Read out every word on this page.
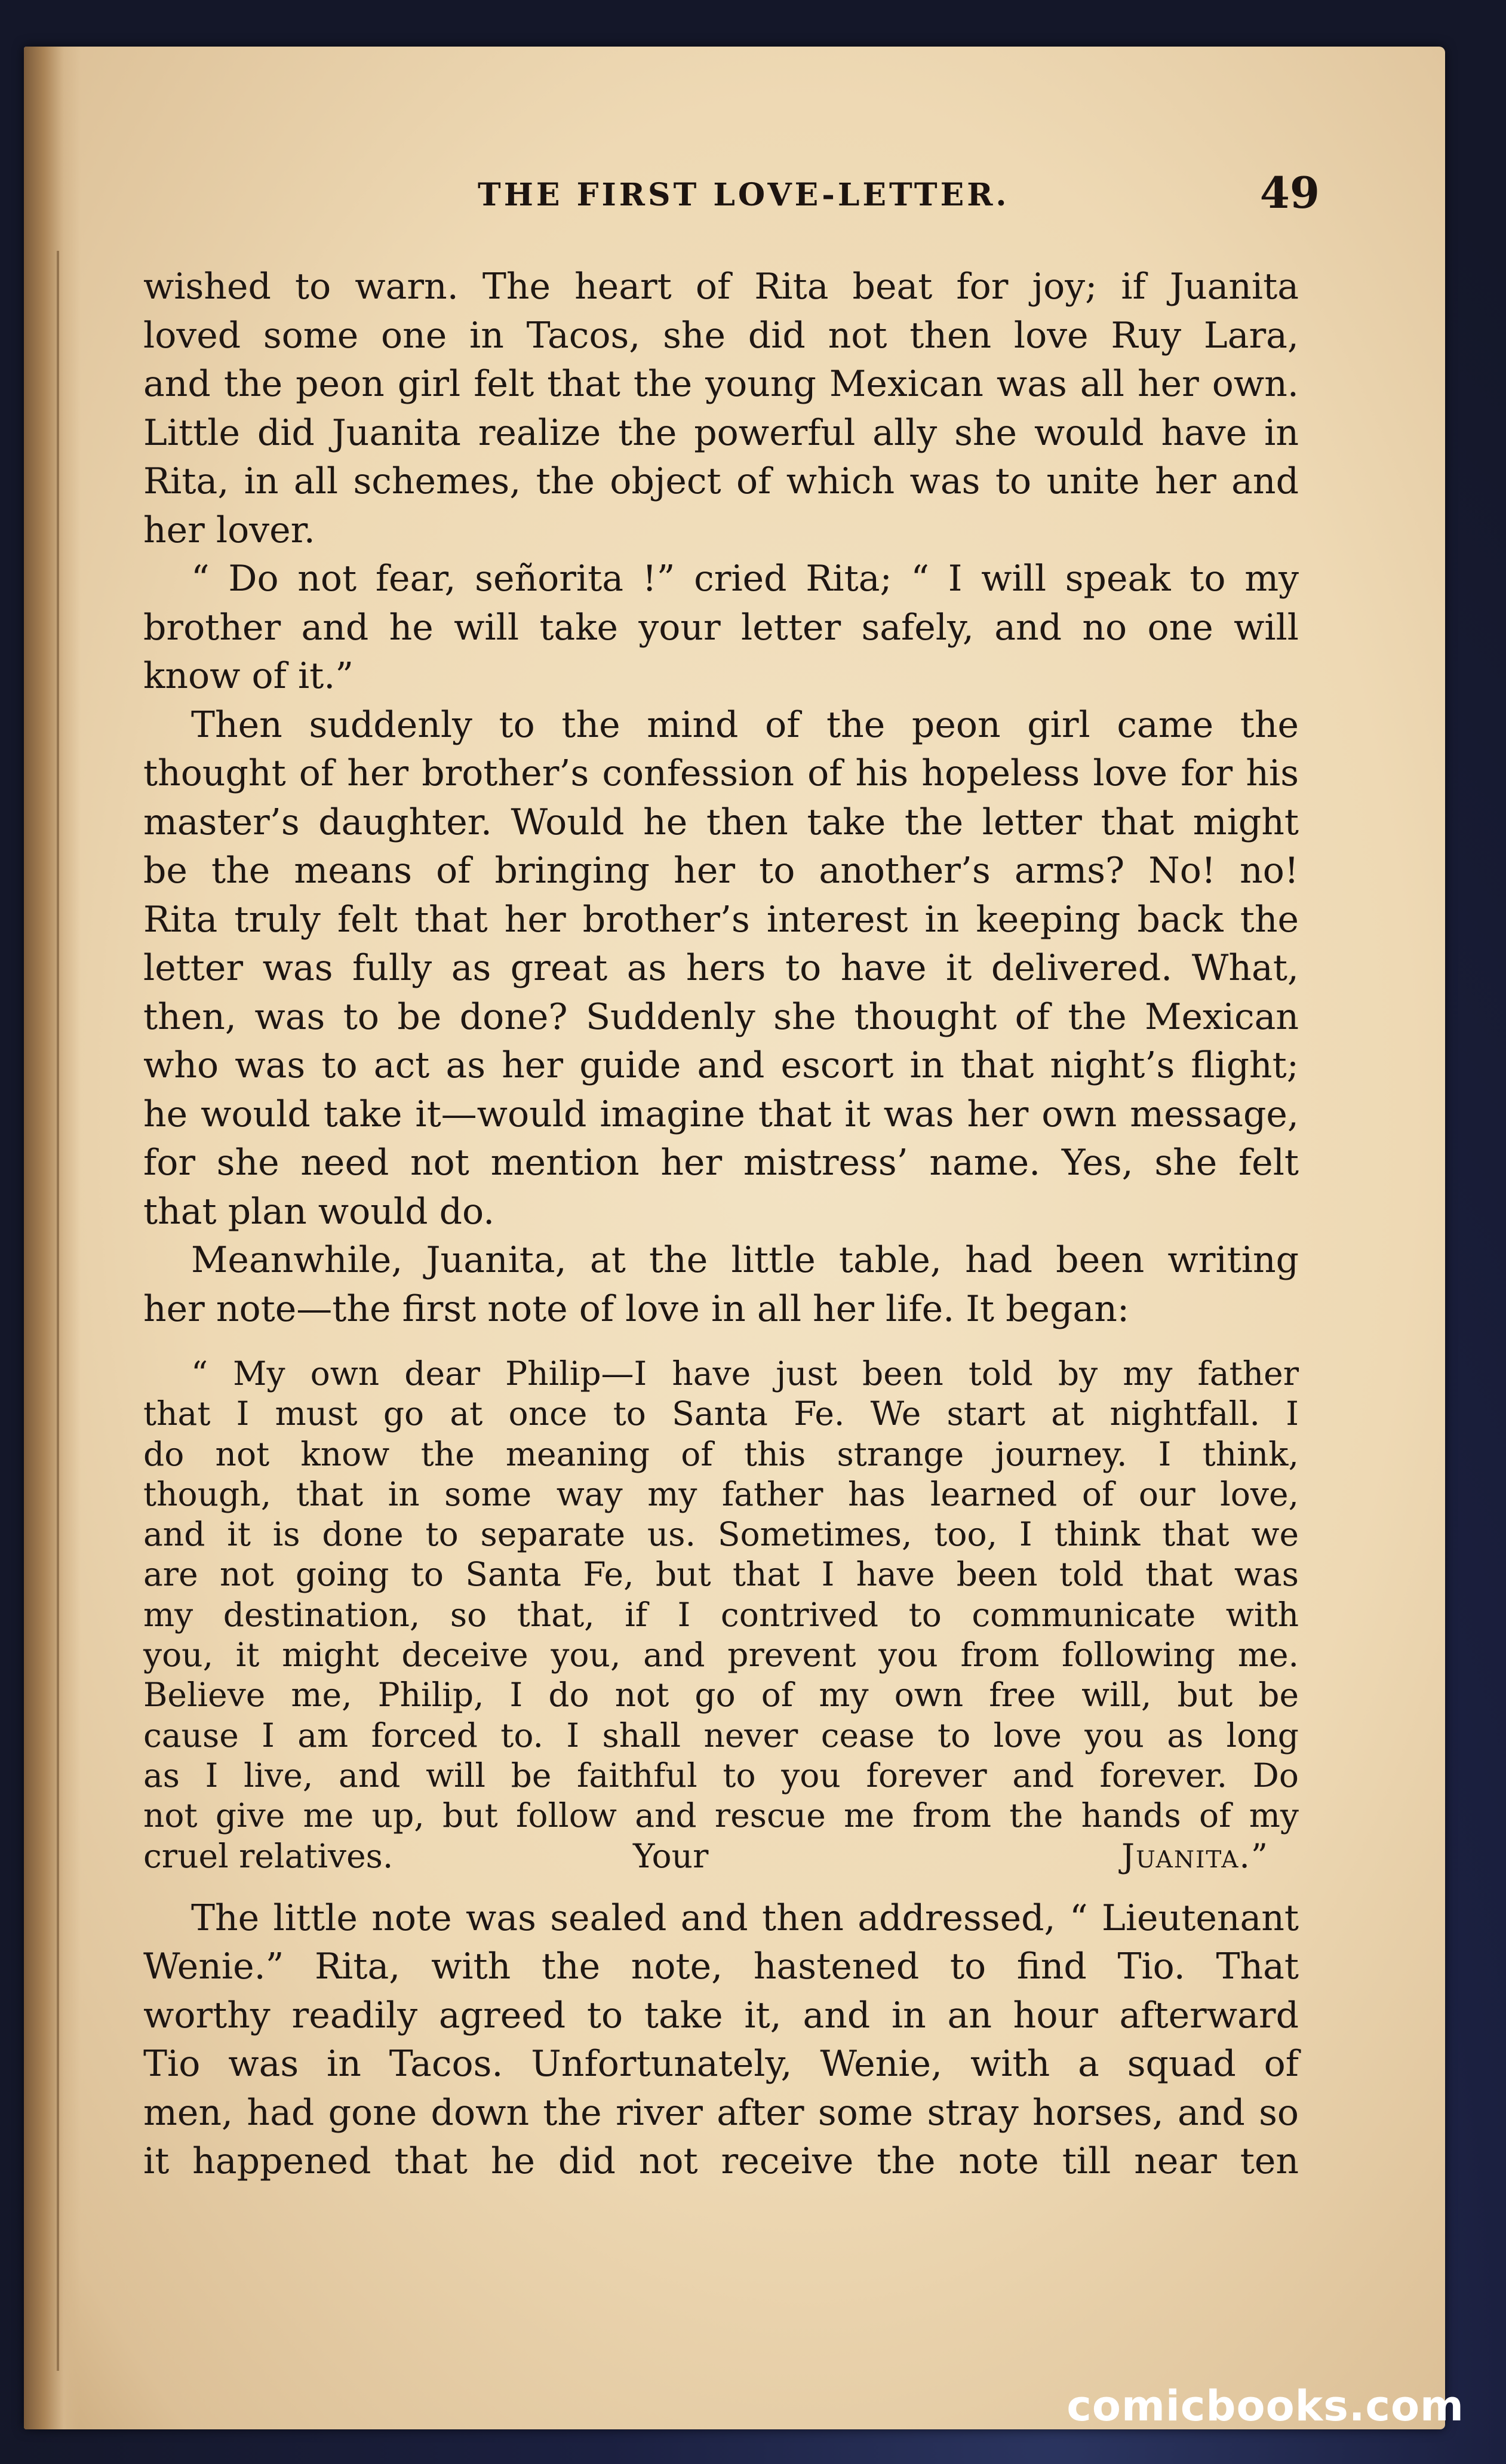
THE FIRST LOVE-LETTER.	49
wished to warn. The heart of Rita beat for joy; if Juanita
loved some one in Tacos, she did not then love Ruy Lara,
and the peon girl felt that the young Mexican was all her own.
Little did Juanita realize the powerful ally she would have in
Rita, in all schemes, the object of which was to unite her and
her lover.
“ Do not fear, señorita !” cried Rita; “ I will speak to my
brother and he will take your letter safely, and no one will
know of it.”
Then suddenly to the mind of the peon girl came the
thought of her brother’s confession of his hopeless love for his
master’s daughter. Would he then take the letter that might
be the means of bringing her to another’s arms? No! no!
Rita truly felt that her brother’s interest in keeping back the
letter was fully as great as hers to have it delivered. What,
then, was to be done? Suddenly she thought of the Mexican
who was to act as her guide and escort in that night’s flight;
he would take it—would imagine that it was her own message,
for she need not mention her mistress’ name. Yes, she felt
that plan would do.
Meanwhile, Juanita, at the little table, had been writing
her note—the first note of love in all her life. It began:
“ My own dear Philip—I have just been told by my father
that I must go at once to Santa Fe. We start at nightfall. I
do not know the meaning of this strange journey. I think,
though, that in some way my father has learned of our love,
and it is done to separate us. Sometimes, too, I think that we
are not going to Santa Fe, but that I have been told that was
my destination, so that, if I contrived to communicate with
you, it might deceive you, and prevent you from following me.
Believe me, Philip, I do not go of my own free will, but be
cause I am forced to. I shall never cease to love you as long
as I live, and will be faithful to you forever and forever. Do
not give me up, but follow and rescue me from the hands of my
cruel relatives.	Your	Juanita.”
The little note was sealed and then addressed, “ Lieutenant
Wenie.” Rita, with the note, hastened to find Tio. That
worthy readily agreed to take it, and in an hour afterward
Tio was in Tacos. Unfortunately, Wenie, with a squad of
men, had gone down the river after some stray horses, and so
it happened that he did not receive the note till near ten
comicbooks.com
